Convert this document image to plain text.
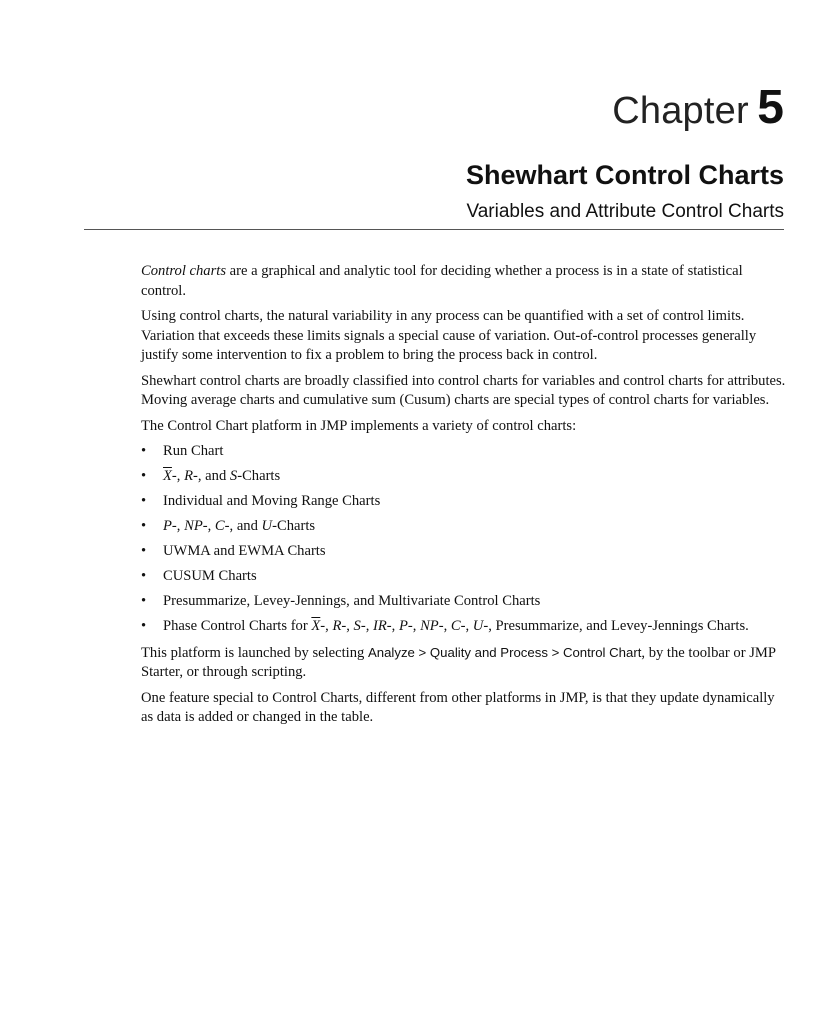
Chapter 5
Shewhart Control Charts
Variables and Attribute Control Charts

Control charts are a graphical and analytic tool for deciding whether a process is in a state of statistical control.

Using control charts, the natural variability in any process can be quantified with a set of control limits. Variation that exceeds these limits signals a special cause of variation. Out-of-control processes generally justify some intervention to fix a problem to bring the process back in control.

Shewhart control charts are broadly classified into control charts for variables and control charts for attributes. Moving average charts and cumulative sum (Cusum) charts are special types of control charts for variables.

The Control Chart platform in JMP implements a variety of control charts:

• Run Chart
• $\overline{X}-$, R-, and S-Charts
• Individual and Moving Range Charts
• P-, NP-, C-, and U-Charts
• UWMA and EWMA Charts
• CUSUM Charts
• Presummarize, Levey-Jennings, and Multivariate Control Charts
• Phase Control Charts for $\overline{X}-$, R-, S-, IR-, P-, NP-, C-, U-, Presummarize, and Levey-Jennings Charts.

This platform is launched by selecting Analyze > Quality and Process > Control Chart, by the toolbar or JMP Starter, or through scripting.

One feature special to Control Charts, different from other platforms in JMP, is that they update dynamically as data is added or changed in the table.
